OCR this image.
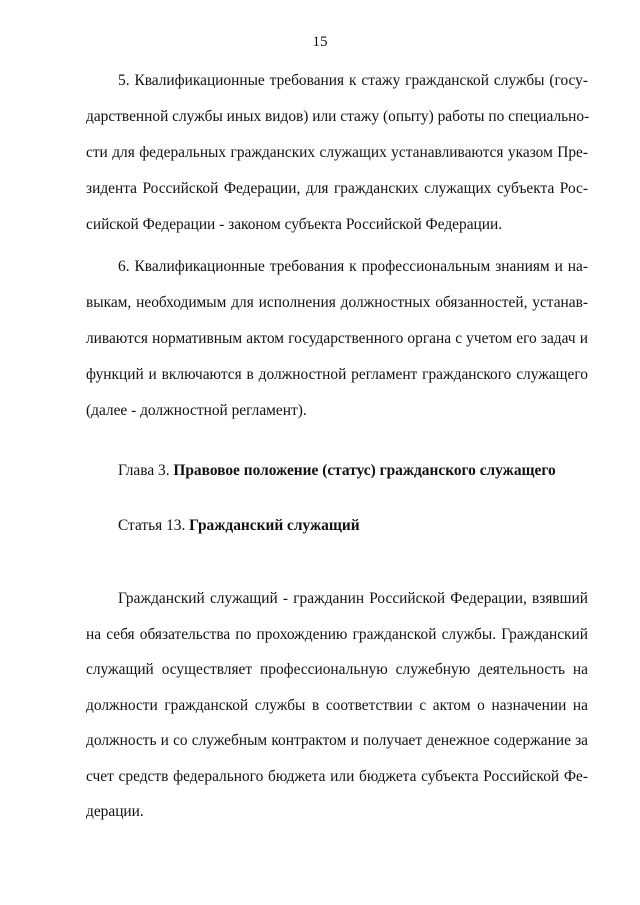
15
5. Квалификационные требования к стажу гражданской службы (госу-
дарственной службы иных видов) или стажу (опыту) работы по специально-
сти для федеральных гражданских служащих устанавливаются указом Пре-
зидента Российской Федерации, для гражданских служащих субъекта Рос-
сийской Федерации - законом субъекта Российской Федерации.
6. Квалификационные требования к профессиональным знаниям и на-
выкам, необходимым для исполнения должностных обязанностей, устанав-
ливаются нормативным актом государственного органа с учетом его задач и
функций и включаются в должностной регламент гражданского служащего
(далее - должностной регламент).
Глава 3. Правовое положение (статус) гражданского служащего
Статья 13. Гражданский служащий
Гражданский служащий - гражданин Российской Федерации, взявший
на себя обязательства по прохождению гражданской службы. Гражданский
служащий осуществляет профессиональную служебную деятельность на
должности гражданской службы в соответствии с актом о назначении на
должность и со служебным контрактом и получает денежное содержание за
счет средств федерального бюджета или бюджета субъекта Российской Фе-
дерации.
